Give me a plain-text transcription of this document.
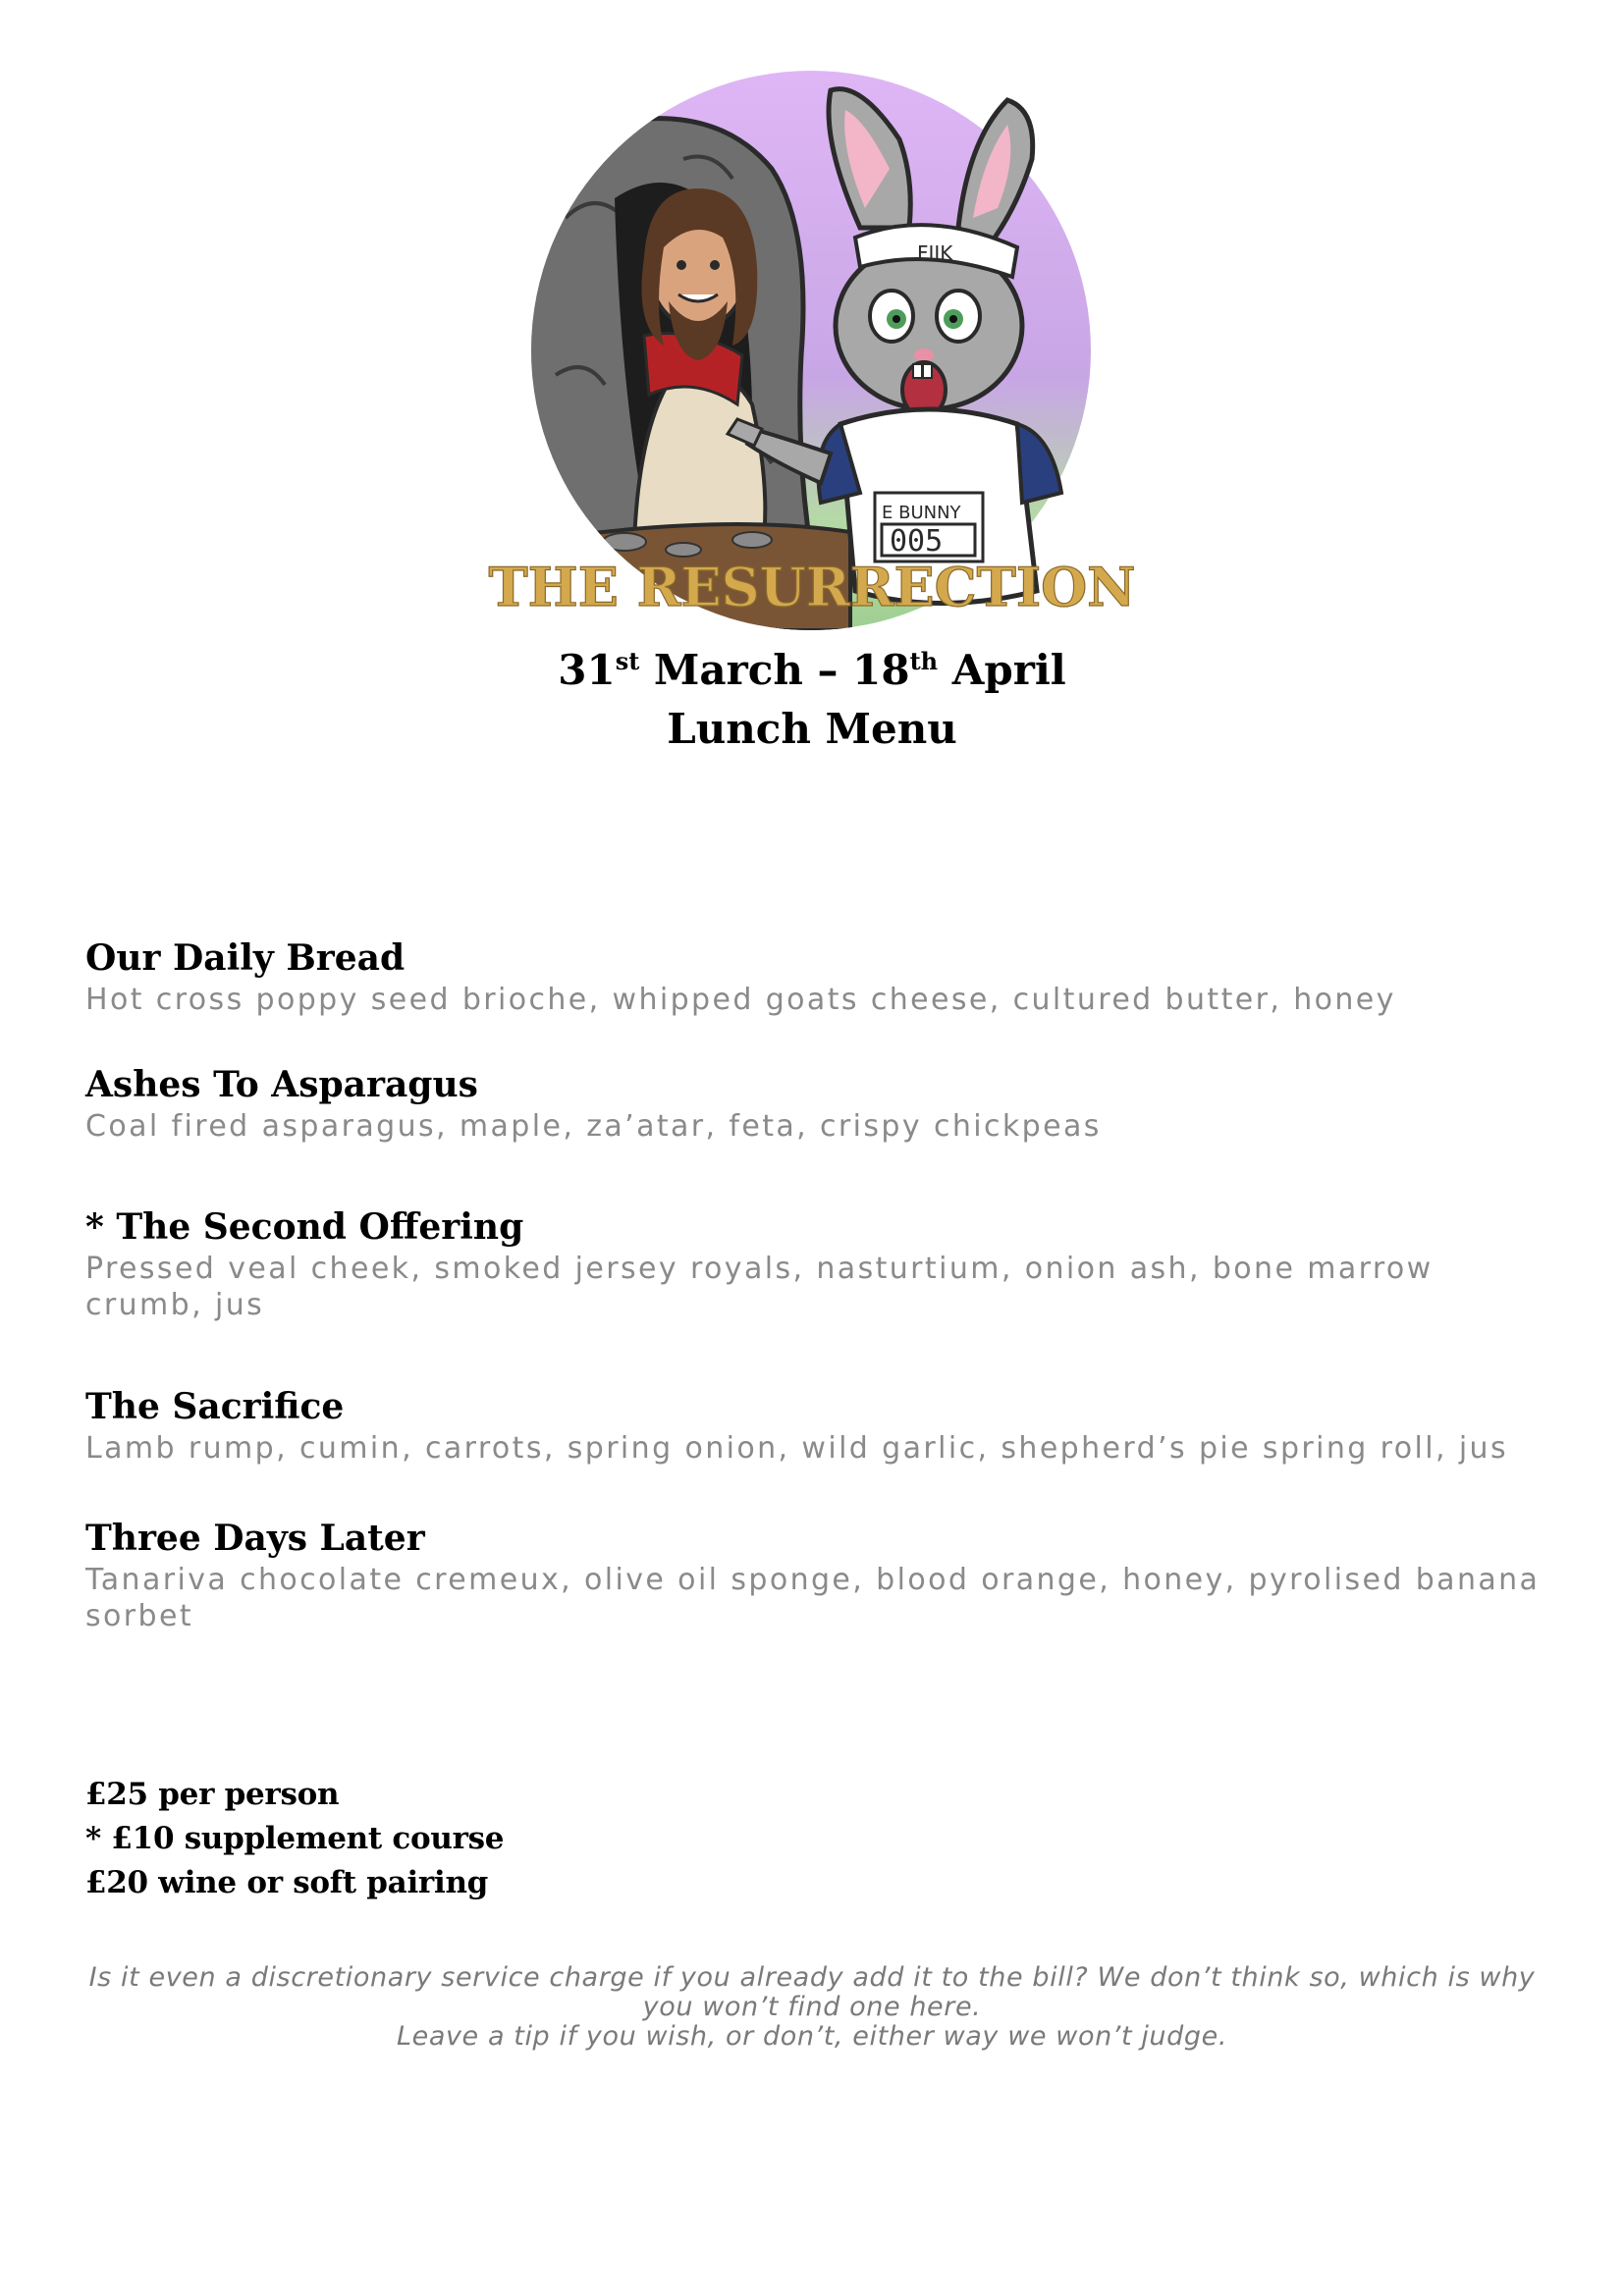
FIIK
E BUNNY
005
THE RESURRECTION
31st March – 18th April
Lunch Menu
Our Daily Bread
Hot cross poppy seed brioche, whipped goats cheese, cultured butter, honey
Ashes To Asparagus
Coal fired asparagus, maple, za’atar, feta, crispy chickpeas
* The Second Offering
Pressed veal cheek, smoked jersey royals, nasturtium, onion ash, bone marrow crumb, jus
The Sacrifice
Lamb rump, cumin, carrots, spring onion, wild garlic, shepherd’s pie spring roll, jus
Three Days Later
Tanariva chocolate cremeux, olive oil sponge, blood orange, honey, pyrolised banana sorbet
£25 per person
* £10 supplement course
£20 wine or soft pairing
Is it even a discretionary service charge if you already add it to the bill? We don’t think so, which is why you won’t find one here.
Leave a tip if you wish, or don’t, either way we won’t judge.
